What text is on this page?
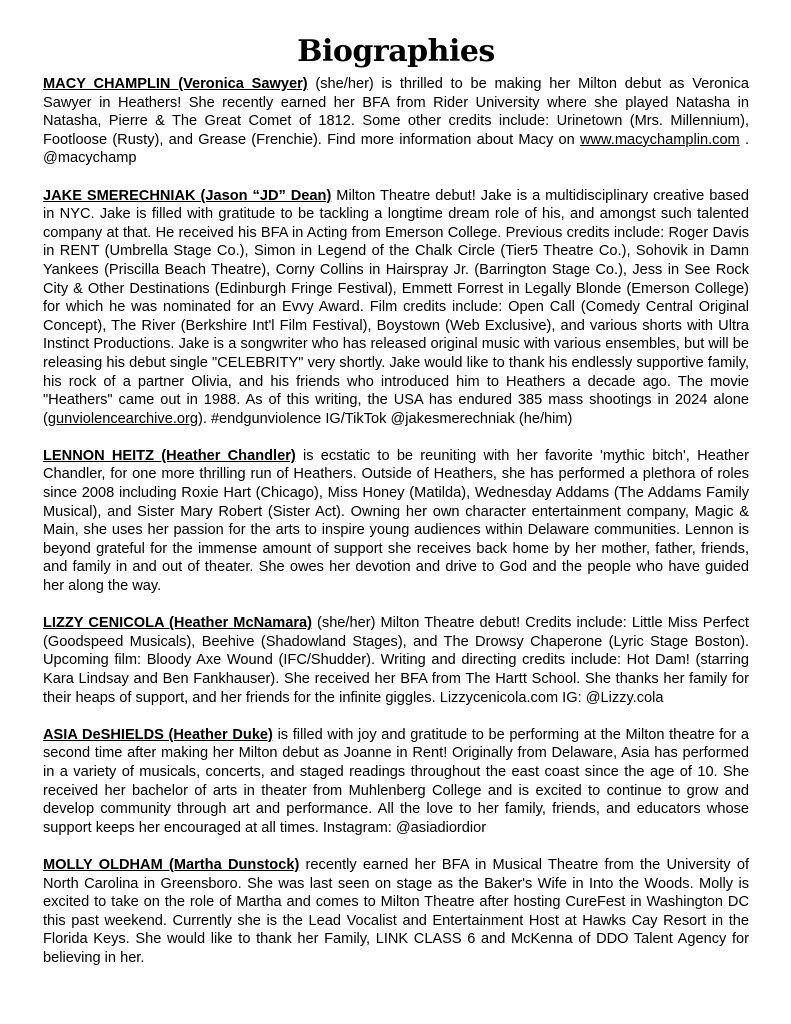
Biographies

MACY CHAMPLIN (Veronica Sawyer) (she/her) is thrilled to be making her Milton debut as Veronica Sawyer in Heathers! She recently earned her BFA from Rider University where she played Natasha in Natasha, Pierre & The Great Comet of 1812. Some other credits include: Urinetown (Mrs. Millennium), Footloose (Rusty), and Grease (Frenchie). Find more information about Macy on www.macychamplin.com . @macychamp

JAKE SMERECHNIAK (Jason “JD” Dean) Milton Theatre debut! Jake is a multidisciplinary creative based in NYC. Jake is filled with gratitude to be tackling a longtime dream role of his, and amongst such talented company at that. He received his BFA in Acting from Emerson College. Previous credits include: Roger Davis in RENT (Umbrella Stage Co.), Simon in Legend of the Chalk Circle (Tier5 Theatre Co.), Sohovik in Damn Yankees (Priscilla Beach Theatre), Corny Collins in Hairspray Jr. (Barrington Stage Co.), Jess in See Rock City & Other Destinations (Edinburgh Fringe Festival), Emmett Forrest in Legally Blonde (Emerson College) for which he was nominated for an Evvy Award. Film credits include: Open Call (Comedy Central Original Concept), The River (Berkshire Int'l Film Festival), Boystown (Web Exclusive), and various shorts with Ultra Instinct Productions. Jake is a songwriter who has released original music with various ensembles, but will be releasing his debut single "CELEBRITY" very shortly. Jake would like to thank his endlessly supportive family, his rock of a partner Olivia, and his friends who introduced him to Heathers a decade ago. The movie "Heathers" came out in 1988. As of this writing, the USA has endured 385 mass shootings in 2024 alone (gunviolencearchive.org). #endgunviolence IG/TikTok @jakesmerechniak (he/him)

LENNON HEITZ (Heather Chandler) is ecstatic to be reuniting with her favorite 'mythic bitch', Heather Chandler, for one more thrilling run of Heathers. Outside of Heathers, she has performed a plethora of roles since 2008 including Roxie Hart (Chicago), Miss Honey (Matilda), Wednesday Addams (The Addams Family Musical), and Sister Mary Robert (Sister Act). Owning her own character entertainment company, Magic & Main, she uses her passion for the arts to inspire young audiences within Delaware communities. Lennon is beyond grateful for the immense amount of support she receives back home by her mother, father, friends, and family in and out of theater. She owes her devotion and drive to God and the people who have guided her along the way.

LIZZY CENICOLA (Heather McNamara) (she/her) Milton Theatre debut! Credits include: Little Miss Perfect (Goodspeed Musicals), Beehive (Shadowland Stages), and The Drowsy Chaperone (Lyric Stage Boston). Upcoming film: Bloody Axe Wound (IFC/Shudder). Writing and directing credits include: Hot Dam! (starring Kara Lindsay and Ben Fankhauser). She received her BFA from The Hartt School. She thanks her family for their heaps of support, and her friends for the infinite giggles. Lizzycenicola.com IG: @Lizzy.cola

ASIA DeSHIELDS (Heather Duke) is filled with joy and gratitude to be performing at the Milton theatre for a second time after making her Milton debut as Joanne in Rent! Originally from Delaware, Asia has performed in a variety of musicals, concerts, and staged readings throughout the east coast since the age of 10. She received her bachelor of arts in theater from Muhlenberg College and is excited to continue to grow and develop community through art and performance. All the love to her family, friends, and educators whose support keeps her encouraged at all times. Instagram: @asiadiordior

MOLLY OLDHAM (Martha Dunstock) recently earned her BFA in Musical Theatre from the University of North Carolina in Greensboro. She was last seen on stage as the Baker's Wife in Into the Woods. Molly is excited to take on the role of Martha and comes to Milton Theatre after hosting CureFest in Washington DC this past weekend. Currently she is the Lead Vocalist and Entertainment Host at Hawks Cay Resort in the Florida Keys. She would like to thank her Family, LINK CLASS 6 and McKenna of DDO Talent Agency for believing in her.
